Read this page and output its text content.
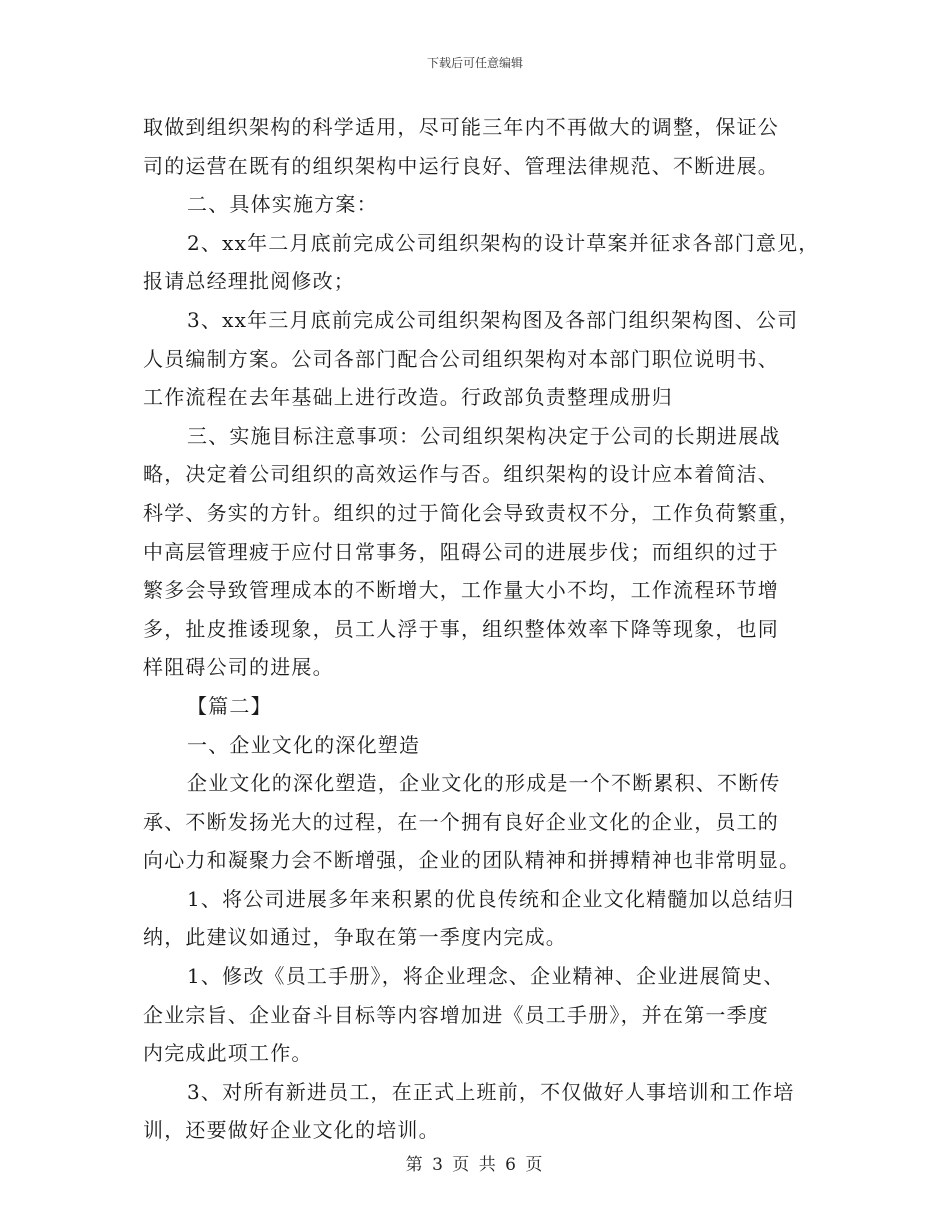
下载后可任意编辑
取做到组织架构的科学适用，尽可能三年内不再做大的调整，保证公
司的运营在既有的组织架构中运行良好、管理法律规范、不断进展。
二、具体实施方案：
2、xx年二月底前完成公司组织架构的设计草案并征求各部门意见，
报请总经理批阅修改；
3、xx年三月底前完成公司组织架构图及各部门组织架构图、公司
人员编制方案。公司各部门配合公司组织架构对本部门职位说明书、
工作流程在去年基础上进行改造。行政部负责整理成册归
三、实施目标注意事项：公司组织架构决定于公司的长期进展战
略，决定着公司组织的高效运作与否。组织架构的设计应本着简洁、
科学、务实的方针。组织的过于简化会导致责权不分，工作负荷繁重，
中高层管理疲于应付日常事务，阻碍公司的进展步伐；而组织的过于
繁多会导致管理成本的不断增大，工作量大小不均，工作流程环节增
多，扯皮推诿现象，员工人浮于事，组织整体效率下降等现象，也同
样阻碍公司的进展。
【篇二】
一、企业文化的深化塑造
企业文化的深化塑造，企业文化的形成是一个不断累积、不断传
承、不断发扬光大的过程，在一个拥有良好企业文化的企业，员工的
向心力和凝聚力会不断增强，企业的团队精神和拼搏精神也非常明显。
1、将公司进展多年来积累的优良传统和企业文化精髓加以总结归
纳，此建议如通过，争取在第一季度内完成。
1、修改《员工手册》，将企业理念、企业精神、企业进展简史、
企业宗旨、企业奋斗目标等内容增加进《员工手册》，并在第一季度
内完成此项工作。
3、对所有新进员工，在正式上班前，不仅做好人事培训和工作培
训，还要做好企业文化的培训。
第 3 页 共 6 页
